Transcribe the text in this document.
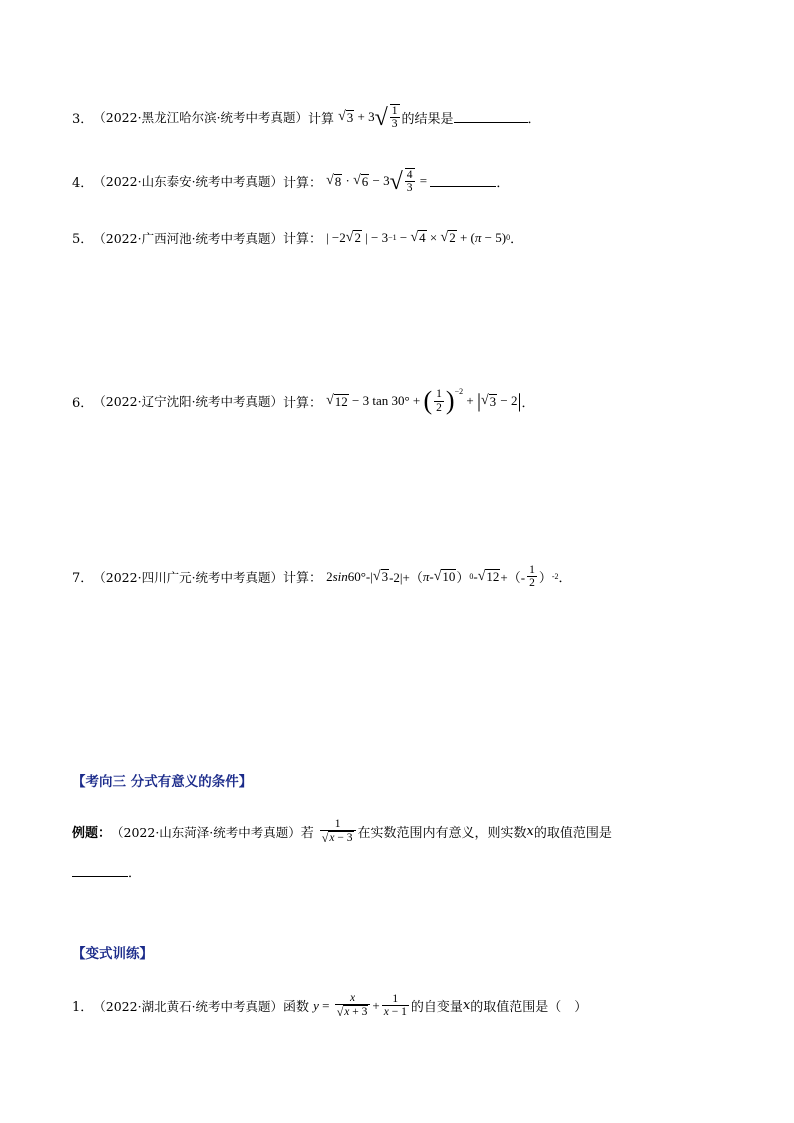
3． （2022·黑龙江哈尔滨·统考中考真题） 计算 √ 3 + 3 √ $\frac{1}{3}$ 的结果是	．
4． （2022·山东泰安·统考中考真题） 计算： √ 8 · √ 6 − 3 √ $\frac{4}{3}$ =	．
5． （2022·广西河池·统考中考真题） 计算： | −2 √ 2 | − 3 −1 − √ 4 × √ 2 + ( π − 5) 0 ．
6． （2022·辽宁沈阳·统考中考真题） 计算： √ 12 − 3 tan 30° + ( $\frac{1}{2} )^{-2}$
+ | √ 3 − 2 | ．
7． （2022·四川广元·统考中考真题） 计算： 2 sin 60°-| √ 3 -2|+（ π - √ 10 ） 0 - √ 12 +（- $\frac{1}{2}$ ） -2 ．
【考向三 分式有意义的条件】
例题： （2022·山东菏泽·统考中考真题） 若 $\frac{1}{√ x - 3}$ 在实数范围内有意义，则实数 x 的取值范围是
．
【变式训练】
1． （2022·湖北黄石·统考中考真题） 函数 $y = \frac{x}{√ x + 3} + \frac{1}{x - 1}$ 的自变量 x 的取值范围是（　）
